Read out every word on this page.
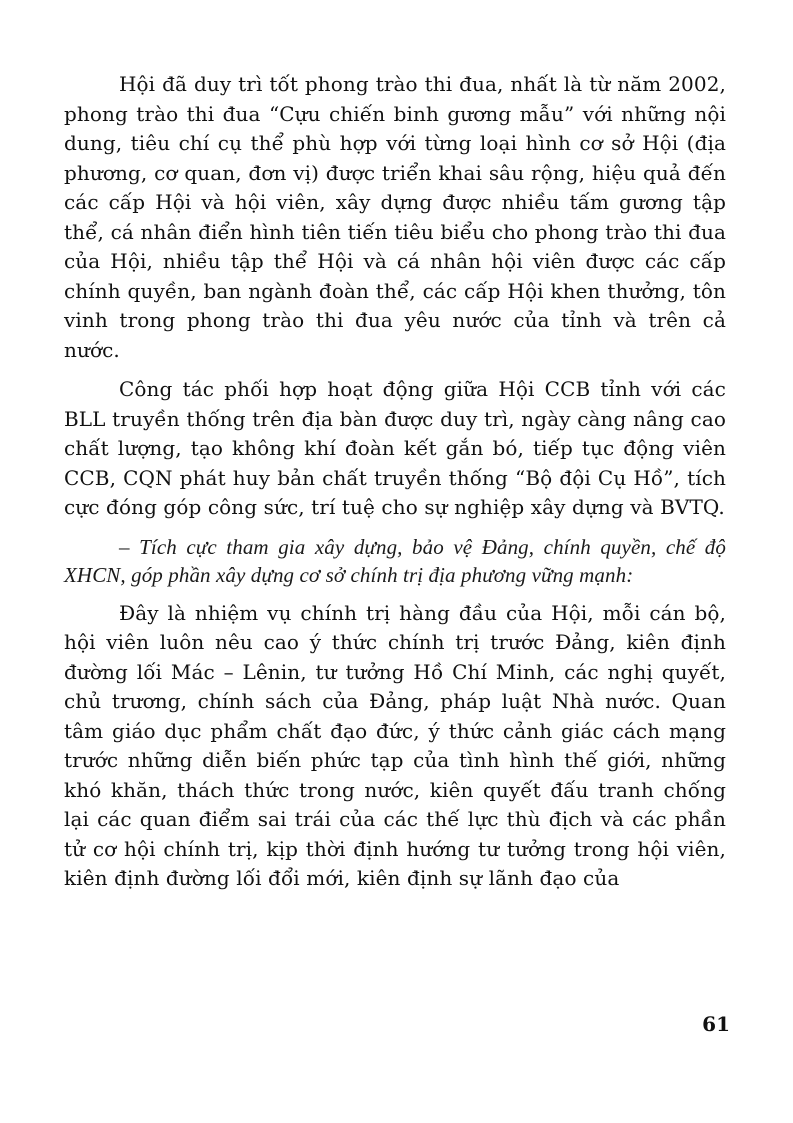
Hội đã duy trì tốt phong trào thi đua, nhất là từ năm 2002, phong trào thi đua “Cựu chiến binh gương mẫu” với những nội dung, tiêu chí cụ thể phù hợp với từng loại hình cơ sở Hội (địa phương, cơ quan, đơn vị) được triển khai sâu rộng, hiệu quả đến các cấp Hội và hội viên, xây dựng được nhiều tấm gương tập thể, cá nhân điển hình tiên tiến tiêu biểu cho phong trào thi đua của Hội, nhiều tập thể Hội và cá nhân hội viên được các cấp chính quyền, ban ngành đoàn thể, các cấp Hội khen thưởng, tôn vinh trong phong trào thi đua yêu nước của tỉnh và trên cả nước.

Công tác phối hợp hoạt động giữa Hội CCB tỉnh với các BLL truyền thống trên địa bàn được duy trì, ngày càng nâng cao chất lượng, tạo không khí đoàn kết gắn bó, tiếp tục động viên CCB, CQN phát huy bản chất truyền thống “Bộ đội Cụ Hồ”, tích cực đóng góp công sức, trí tuệ cho sự nghiệp xây dựng và BVTQ.

– Tích cực tham gia xây dựng, bảo vệ Đảng, chính quyền, chế độ XHCN, góp phần xây dựng cơ sở chính trị địa phương vững mạnh:

Đây là nhiệm vụ chính trị hàng đầu của Hội, mỗi cán bộ, hội viên luôn nêu cao ý thức chính trị trước Đảng, kiên định đường lối Mác – Lênin, tư tưởng Hồ Chí Minh, các nghị quyết, chủ trương, chính sách của Đảng, pháp luật Nhà nước. Quan tâm giáo dục phẩm chất đạo đức, ý thức cảnh giác cách mạng trước những diễn biến phức tạp của tình hình thế giới, những khó khăn, thách thức trong nước, kiên quyết đấu tranh chống lại các quan điểm sai trái của các thế lực thù địch và các phần tử cơ hội chính trị, kịp thời định hướng tư tưởng trong hội viên, kiên định đường lối đổi mới, kiên định sự lãnh đạo của

61
